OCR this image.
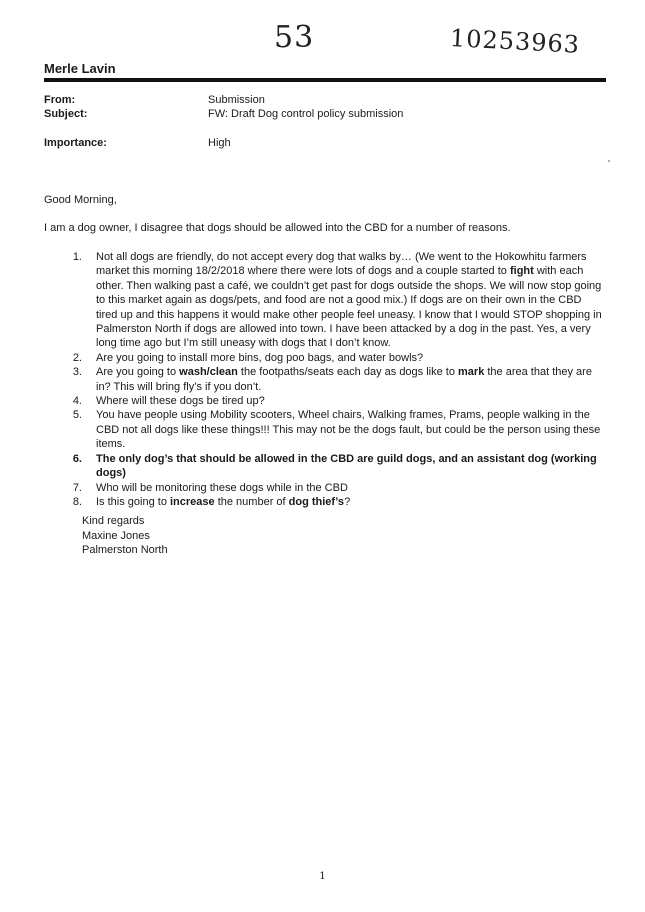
53	10253963
Merle Lavin
From:	Submission
Subject:	FW: Draft Dog control policy submission
Importance:	High
Good Morning,
I am a dog owner, I disagree that dogs should be allowed into the CBD for a number of reasons.
1.	Not all dogs are friendly, do not accept every dog that walks by… (We went to the Hokowhitu farmers market this morning 18/2/2018 where there were lots of dogs and a couple started to fight with each other. Then walking past a café, we couldn’t get past for dogs outside the shops. We will now stop going to this market again as dogs/pets, and food are not a good mix.) If dogs are on their own in the CBD tired up and this happens it would make other people feel uneasy. I know that I would STOP shopping in Palmerston North if dogs are allowed into town. I have been attacked by a dog in the past. Yes, a very long time ago but I’m still uneasy with dogs that I don’t know.
2.	Are you going to install more bins, dog poo bags, and water bowls?
3.	Are you going to wash/clean the footpaths/seats each day as dogs like to mark the area that they are in? This will bring fly’s if you don’t.
4.	Where will these dogs be tired up?
5.	You have people using Mobility scooters, Wheel chairs, Walking frames, Prams, people walking in the CBD not all dogs like these things!!! This may not be the dogs fault, but could be the person using these items.
6.	The only dog’s that should be allowed in the CBD are guild dogs, and an assistant dog (working dogs)
7.	Who will be monitoring these dogs while in the CBD
8.	Is this going to increase the number of dog thief’s?
Kind regards
Maxine Jones
Palmerston North
1
